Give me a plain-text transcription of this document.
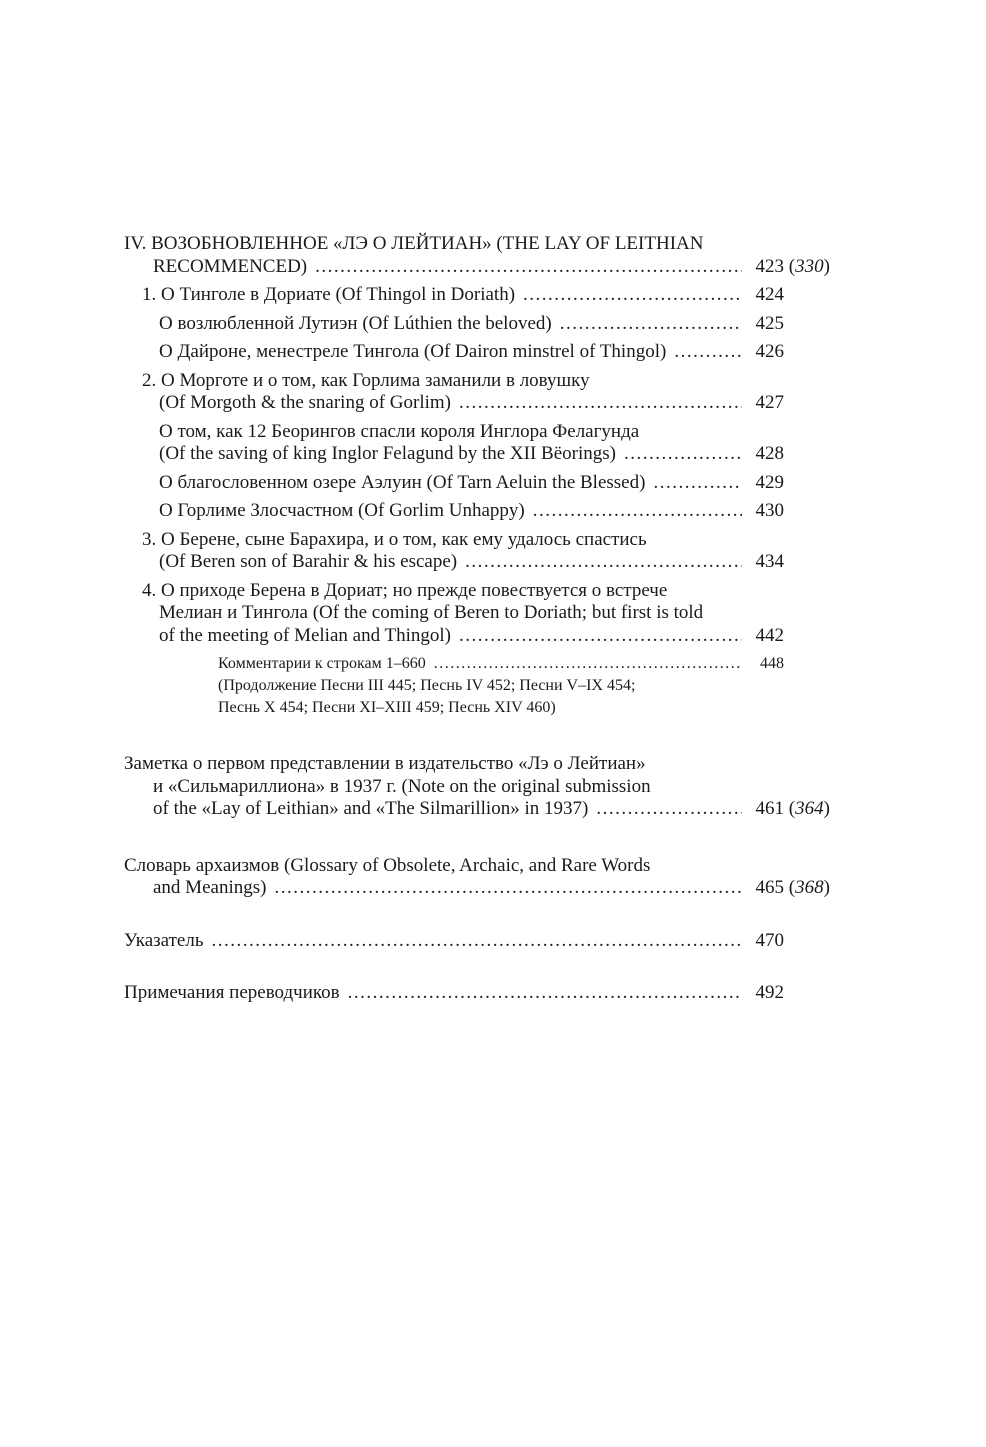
IV. ВОЗОБНОВЛЕННОЕ «ЛЭ О ЛЕЙТИАН» (THE LAY OF LEITHIAN
RECOMMENCED) .....	423 (330)
1. О Тинголе в Дориате (Of Thingol in Doriath) .....	424
О возлюбленной Лутиэн (Of Lúthien the beloved) .....	425
О Дайроне, менестреле Тингола (Of Dairon minstrel of Thingol) .....	426
2. О Морготе и о том, как Горлима заманили в ловушку
(Of Morgoth & the snaring of Gorlim) .....	427
О том, как 12 Беорингов спасли короля Инглора Фелагунда
(Of the saving of king Inglor Felagund by the XII Bëorings) .....	428
О благословенном озере Аэлуин (Of Tarn Aeluin the Blessed) .....	429
О Горлиме Злосчастном (Of Gorlim Unhappy) .....	430
3. О Берене, сыне Барахира, и о том, как ему удалось спастись
(Of Beren son of Barahir & his escape) .....	434
4. О приходе Берена в Дориат; но прежде повествуется о встрече
Мелиан и Тингола (Of the coming of Beren to Doriath; but first is told
of the meeting of Melian and Thingol) .....	442
Комментарии к строкам 1–660 .....	448
(Продолжение Песни III 445; Песнь IV 452; Песни V–IX 454;
Песнь X 454; Песни XI–XIII 459; Песнь XIV 460)
Заметка о первом представлении в издательство «Лэ о Лейтиан»
и «Сильмариллиона» в 1937 г. (Note on the original submission
of the «Lay of Leithian» and «The Silmarillion» in 1937) .....	461 (364)
Словарь архаизмов (Glossary of Obsolete, Archaic, and Rare Words
and Meanings) .....	465 (368)
Указатель .....	470
Примечания переводчиков .....	492
